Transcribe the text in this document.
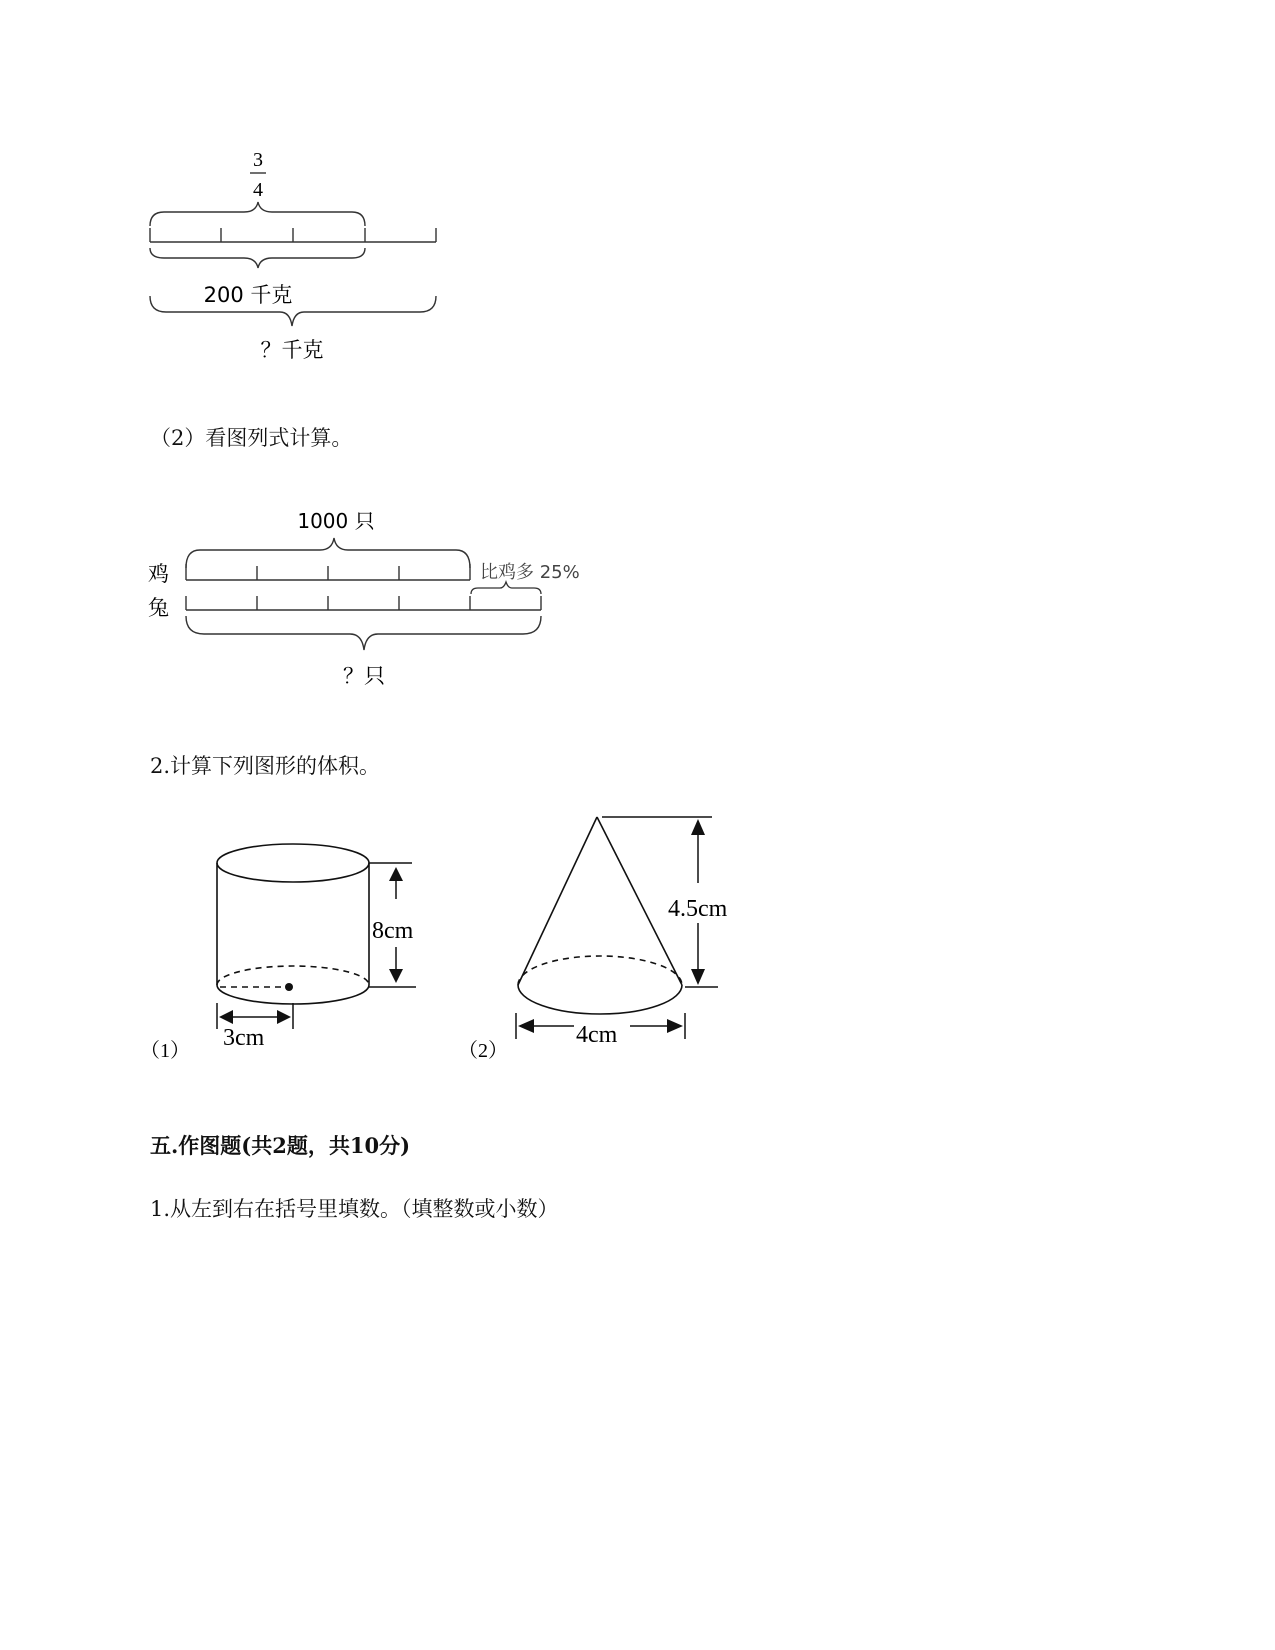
3
4
200 千克
？千克
（2）看图列式计算。
1000 只
鸡	比鸡多 25%
兔
？只
2.计算下列图形的体积。
8cm
3cm
（1）
4.5cm
4cm
（2）
五.作图题(共2题，共10分)
1.从左到右在括号里填数。（填整数或小数）
